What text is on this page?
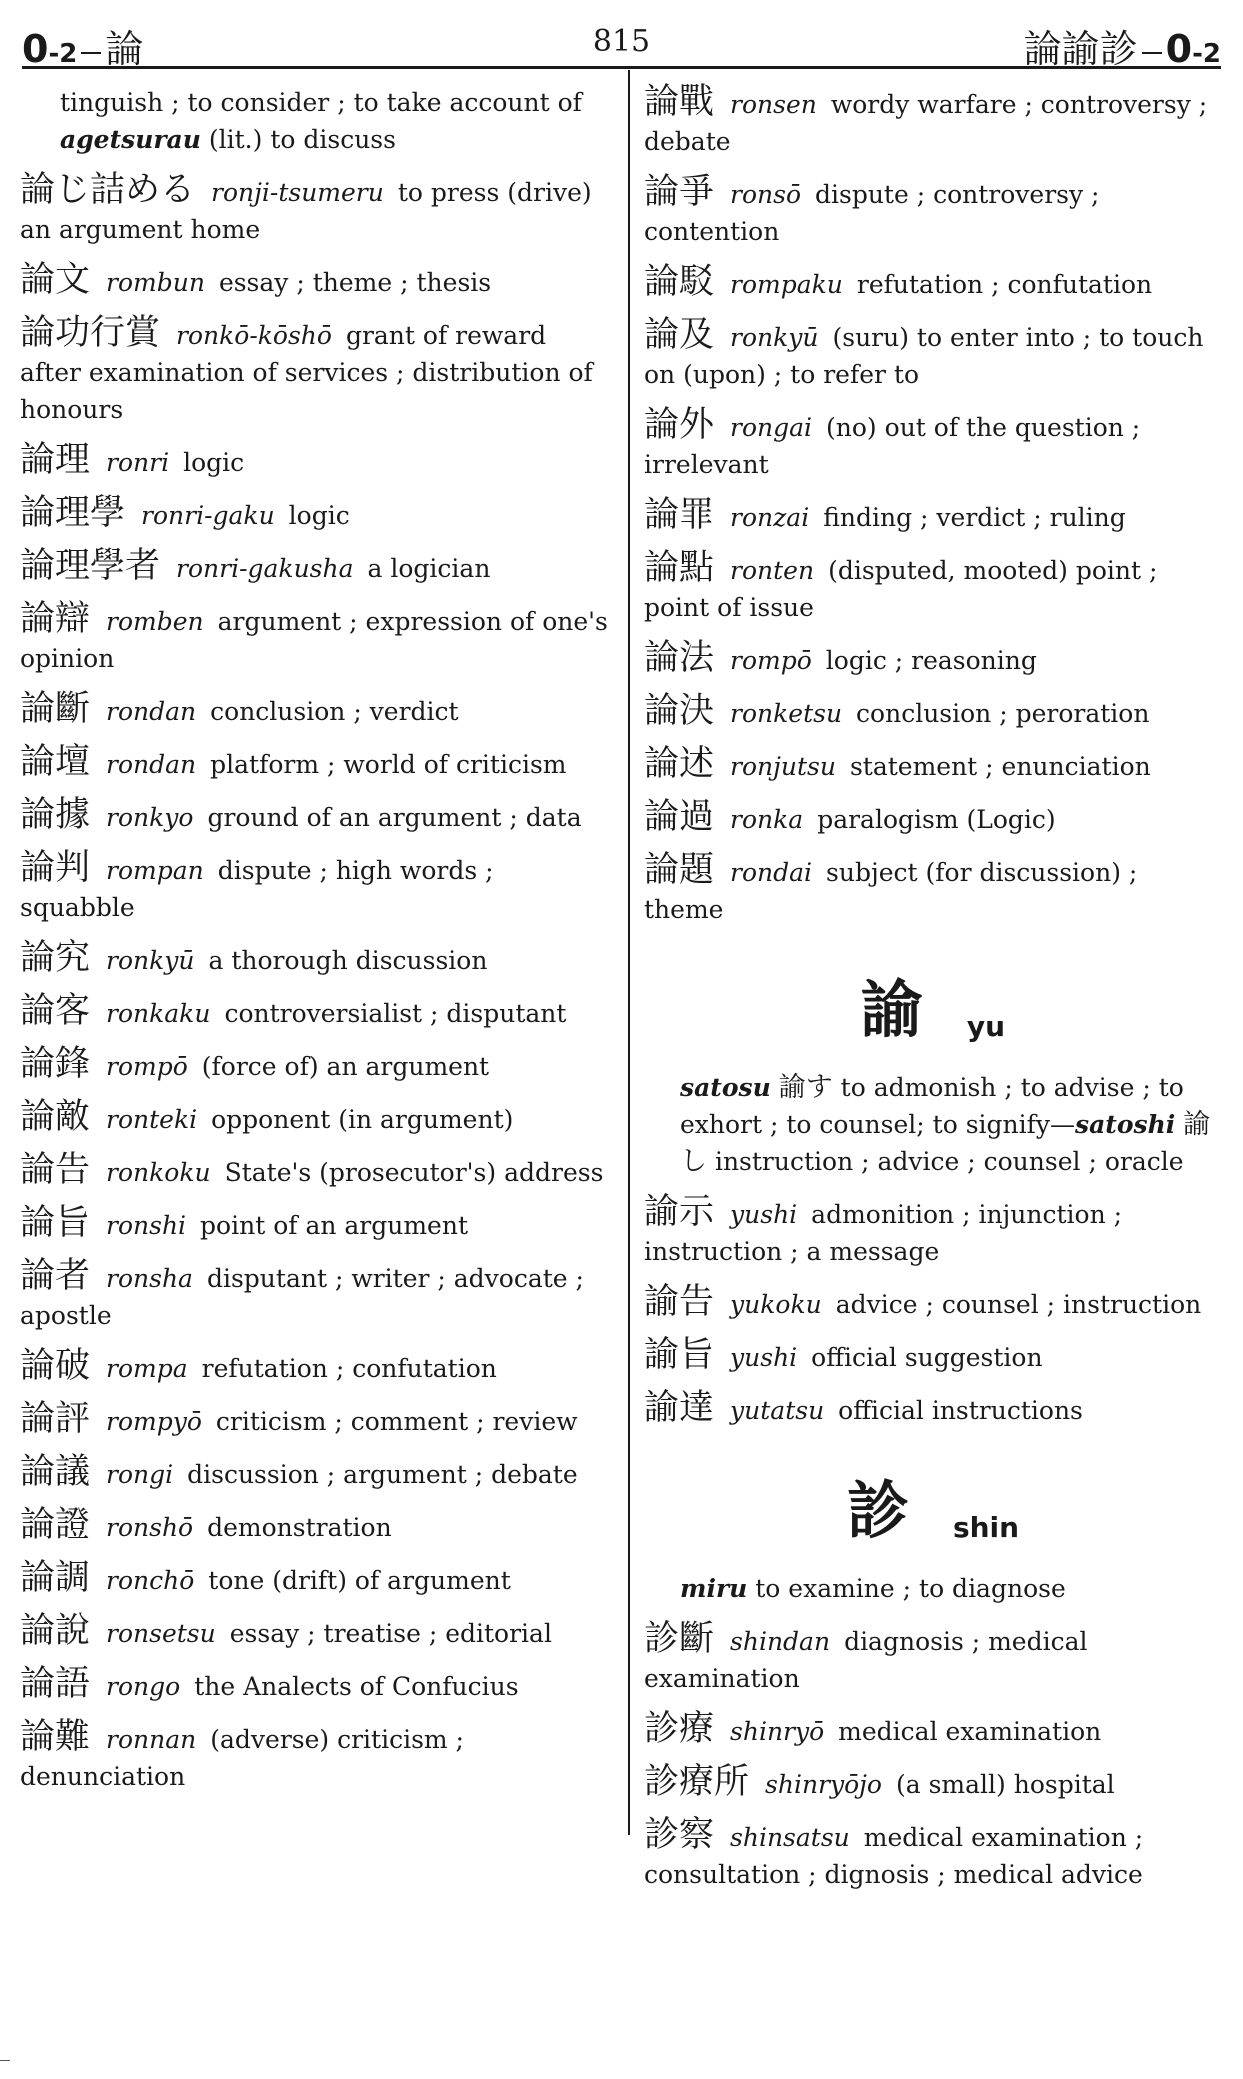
0-2 論	815	論諭診 0-2
tinguish ; to consider ; to take account of
agetsurau (lit.) to discuss
論じ詰める ronji-tsumeru to press (drive) an argument home
論文 rombun essay ; theme ; thesis
論功行賞 ronkō-kōshō grant of reward after examination of services ; distribution of honours
論理 ronri logic
論理學 ronri-gaku logic
論理學者 ronri-gakusha a logician
論辯 romben argument ; expression of one's opinion
論斷 rondan conclusion ; verdict
論壇 rondan platform ; world of criticism
論據 ronkyo ground of an argument ; data
論判 rompan dispute ; high words ; squabble
論究 ronkyū a thorough discussion
論客 ronkaku controversialist ; disputant
論鋒 rompō (force of) an argument
論敵 ronteki opponent (in argument)
論告 ronkoku State's (prosecutor's) address
論旨 ronshi point of an argument
論者 ronsha disputant ; writer ; advocate ; apostle
論破 rompa refutation ; confutation
論評 rompyō criticism ; comment ; review
論議 rongi discussion ; argument ; debate
論證 ronshō demonstration
論調 ronchō tone (drift) of argument
論說 ronsetsu essay ; treatise ; editorial
論語 rongo the Analects of Confucius
論難 ronnan (adverse) criticism ; denunciation
論戰 ronsen wordy warfare ; controversy ; debate
論爭 ronsō dispute ; controversy ; contention
論駁 rompaku refutation ; confutation
論及 ronkyū (suru) to enter into ; to touch on (upon) ; to refer to
論外 rongai (no) out of the question ; irrelevant
論罪 ronzai finding ; verdict ; ruling
論點 ronten (disputed, mooted) point ; point of issue
論法 rompō logic ; reasoning
論決 ronketsu conclusion ; peroration
論述 ronjutsu statement ; enunciation
論過 ronka paralogism (Logic)
論題 rondai subject (for discussion) ; theme
諭 yu
satosu 諭す to admonish ; to advise ; to exhort ; to counsel; to signify—satoshi 諭し instruction ; advice ; counsel ; oracle
諭示 yushi admonition ; injunction ; instruction ; a message
諭告 yukoku advice ; counsel ; instruction
諭旨 yushi official suggestion
諭達 yutatsu official instructions
診 shin
miru to examine ; to diagnose
診斷 shindan diagnosis ; medical examination
診療 shinryō medical examination
診療所 shinryōjo (a small) hospital
診察 shinsatsu medical examination ; consultation ; dignosis ; medical advice
